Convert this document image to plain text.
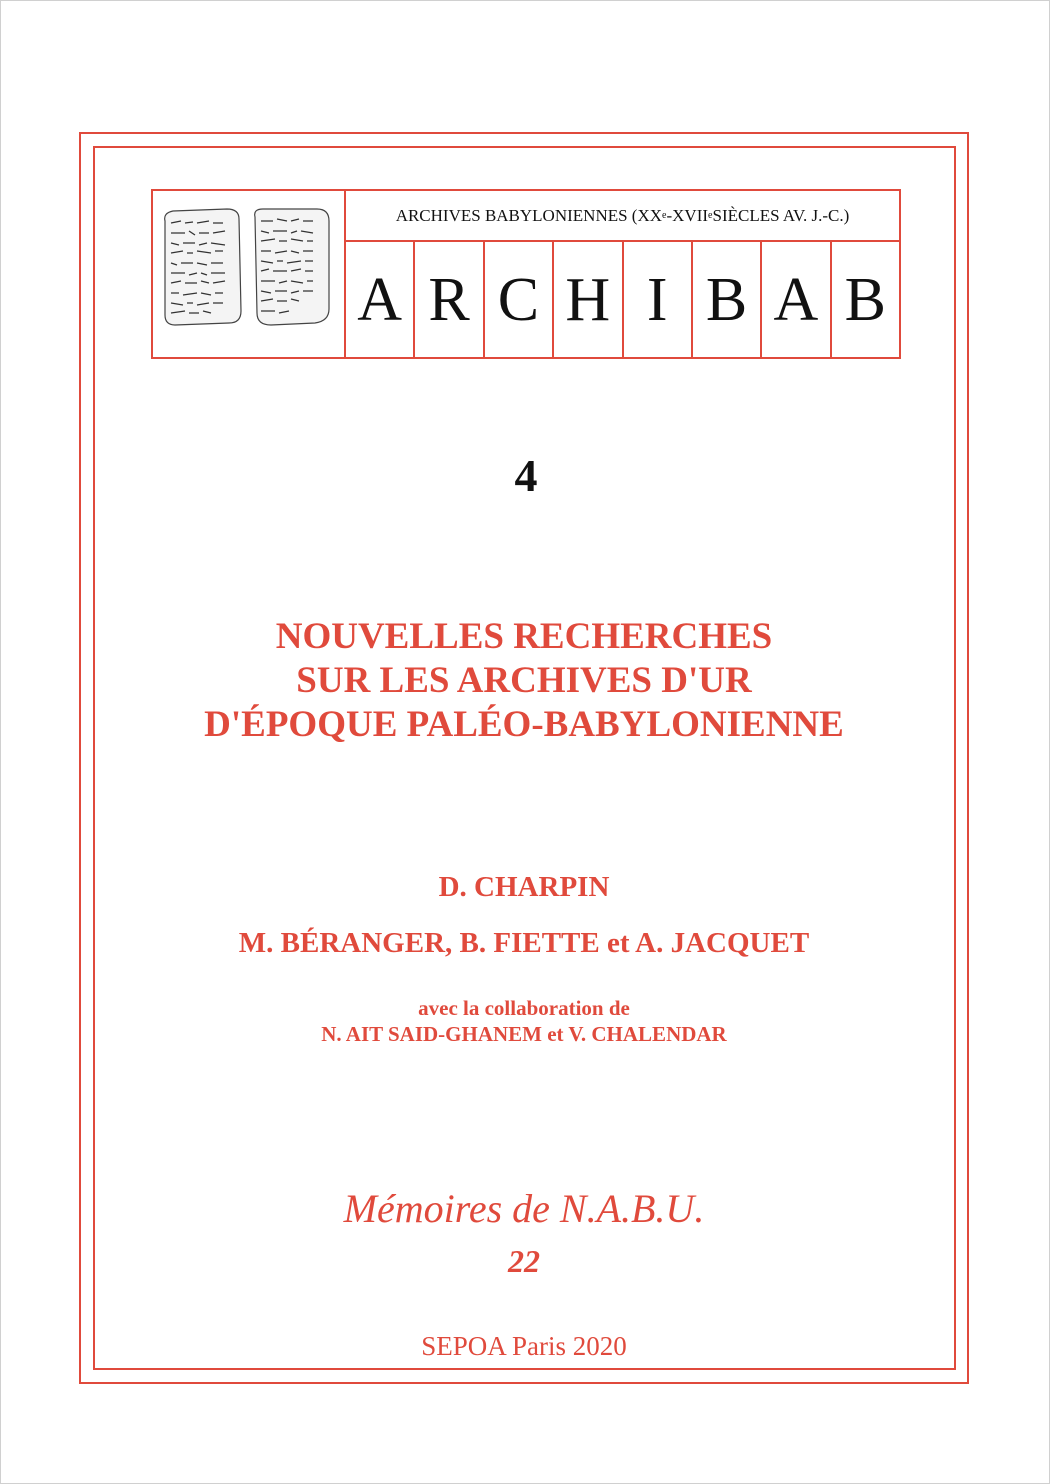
ARCHIVES BABYLONIENNES (XX e -XVII e SIÈCLES AV. J.-C.)
A R C H I B A B
4
NOUVELLES RECHERCHES
SUR LES ARCHIVES D'UR
D'ÉPOQUE PALÉO-BABYLONIENNE
D. CHARPIN
M. BÉRANGER, B. FIETTE et A. JACQUET
avec la collaboration de
N. AIT SAID-GHANEM et V. CHALENDAR
Mémoires de N.A.B.U.
22
SEPOA Paris 2020
